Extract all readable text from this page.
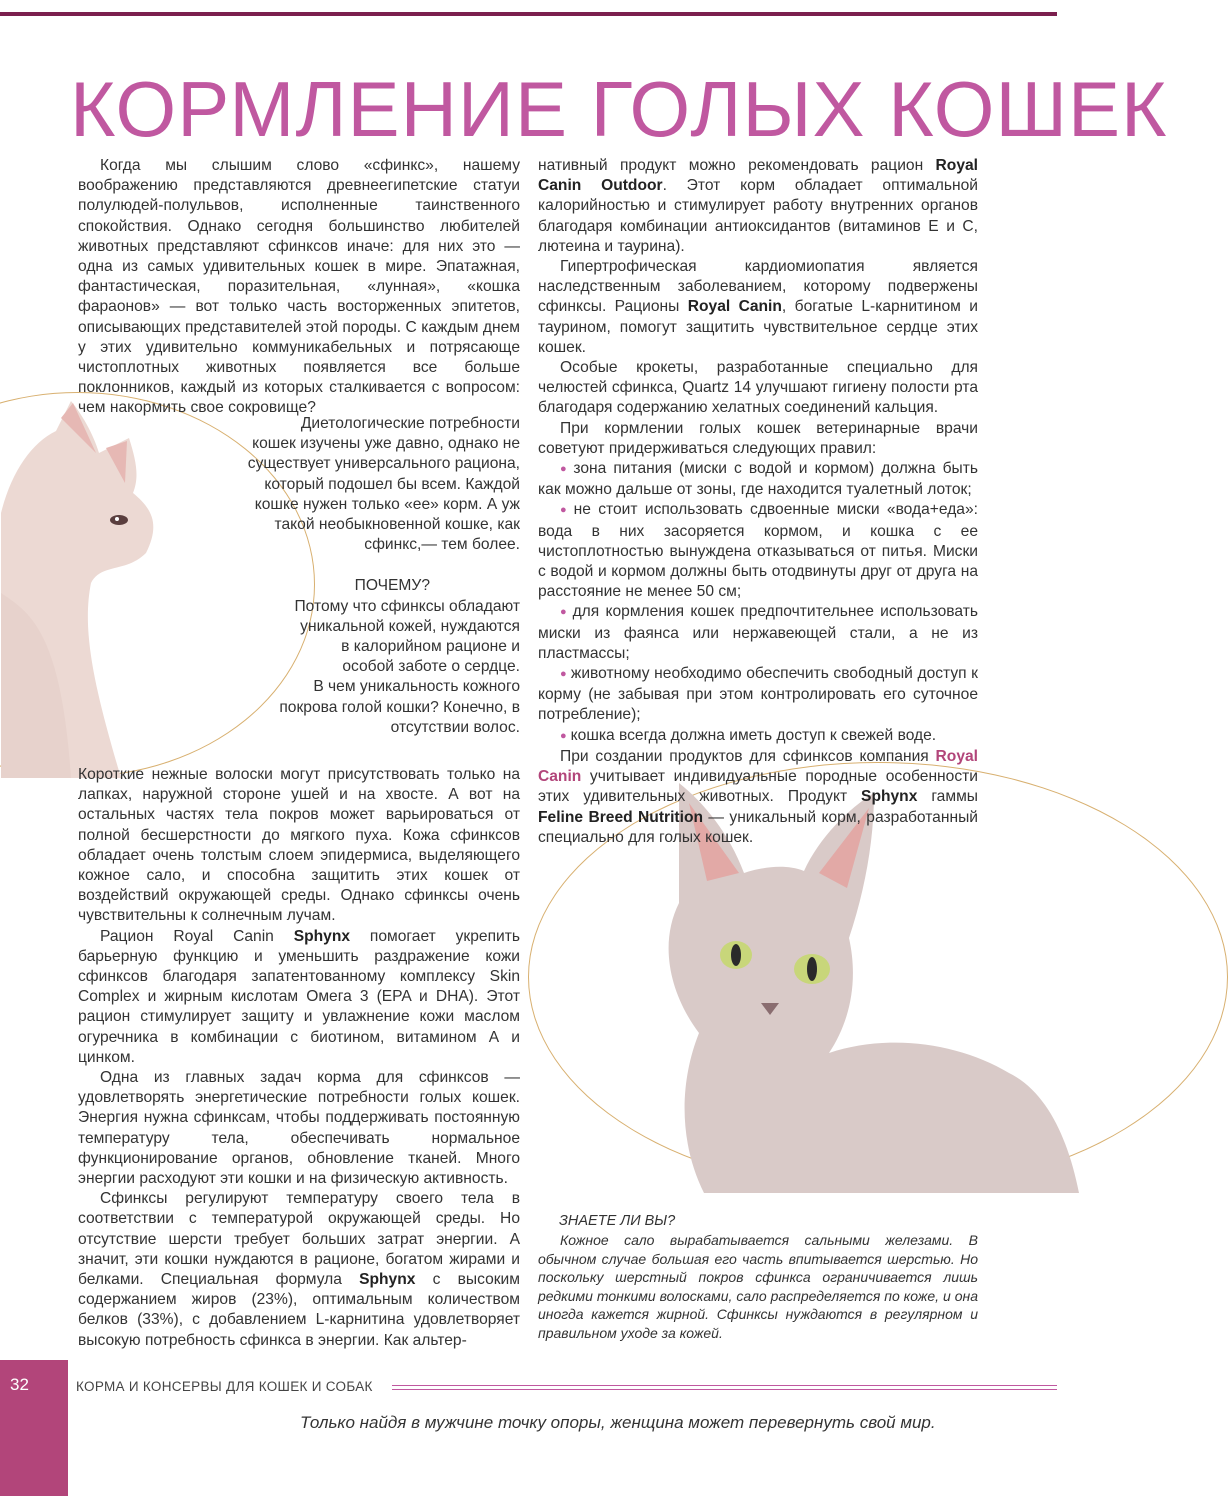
КОРМЛЕНИЕ ГОЛЫХ КОШЕК

Когда мы слышим слово «сфинкс», нашему воображению представляются древнеегипетские статуи полулюдей-полульвов, исполненные таинственного спокойствия. Однако сегодня большинство любителей животных представляют сфинксов иначе: для них это — одна из самых удивительных кошек в мире. Эпатажная, фантастическая, поразительная, «лунная», «кошка фараонов» — вот только часть восторженных эпитетов, описывающих представителей этой породы. С каждым днем у этих удивительно коммуникабельных и потрясающе чистоплотных животных появляется все больше поклонников, каждый из которых сталкивается с вопросом: чем накормить свое сокровище?

Диетологические потребности кошек изучены уже давно, однако не существует универсального рациона, который подошел бы всем. Каждой кошке нужен только «ее» корм. А уж такой необыкновенной кошке, как сфинкс,— тем более.

ПОЧЕМУ?

Потому что сфинксы обладают уникальной кожей, нуждаются в калорийном рационе и особой заботе о сердце.

В чем уникальность кожного покрова голой кошки? Конечно, в отсутствии волос.

Короткие нежные волоски могут присутствовать только на лапках, наружной стороне ушей и на хвосте. А вот на остальных частях тела покров может варьироваться от полной бесшерстности до мягкого пуха. Кожа сфинксов обладает очень толстым слоем эпидермиса, выделяющего кожное сало, и способна защитить этих кошек от воздействий окружающей среды. Однако сфинксы очень чувствительны к солнечным лучам.

Рацион Royal Canin Sphynx помогает укрепить барьерную функцию и уменьшить раздражение кожи сфинксов благодаря запатентованному комплексу Skin Complex и жирным кислотам Омега 3 (EPA и DHA). Этот рацион стимулирует защиту и увлажнение кожи маслом огуречника в комбинации с биотином, витамином А и цинком.

Одна из главных задач корма для сфинксов — удовлетворять энергетические потребности голых кошек. Энергия нужна сфинксам, чтобы поддерживать постоянную температуру тела, обеспечивать нормальное функционирование органов, обновление тканей. Много энергии расходуют эти кошки и на физическую активность.

Сфинксы регулируют температуру своего тела в соответствии с температурой окружающей среды. Но отсутствие шерсти требует больших затрат энергии. А значит, эти кошки нуждаются в рационе, богатом жирами и белками. Специальная формула Sphynx с высоким содержанием жиров (23%), оптимальным количеством белков (33%), с добавлением L-карнитина удовлетворяет высокую потребность сфинкса в энергии. Как альтер-

нативный продукт можно рекомендовать рацион Royal Canin Outdoor. Этот корм обладает оптимальной калорийностью и стимулирует работу внутренних органов благодаря комбинации антиоксидантов (витаминов Е и С, лютеина и таурина).

Гипертрофическая кардиомиопатия является наследственным заболеванием, которому подвержены сфинксы. Рационы Royal Canin, богатые L-карнитином и таурином, помогут защитить чувствительное сердце этих кошек.

Особые крокеты, разработанные специально для челюстей сфинкса, Quartz 14 улучшают гигиену полости рта благодаря содержанию хелатных соединений кальция.

При кормлении голых кошек ветеринарные врачи советуют придерживаться следующих правил:

● зона питания (миски с водой и кормом) должна быть как можно дальше от зоны, где находится туалетный лоток;

● не стоит использовать сдвоенные миски «вода+еда»: вода в них засоряется кормом, и кошка с ее чистоплотностью вынуждена отказываться от питья. Миски с водой и кормом должны быть отодвинуты друг от друга на расстояние не менее 50 см;

● для кормления кошек предпочтительнее использовать миски из фаянса или нержавеющей стали, а не из пластмассы;

● животному необходимо обеспечить свободный доступ к корму (не забывая при этом контролировать его суточное потребление);

● кошка всегда должна иметь доступ к свежей воде.

При создании продуктов для сфинксов компания Royal Canin учитывает индивидуальные породные особенности этих удивительных животных. Продукт Sphynx гаммы Feline Breed Nutrition — уникальный корм, разработанный специально для голых кошек.

ЗНАЕТЕ ЛИ ВЫ?

Кожное сало вырабатывается сальными железами. В обычном случае большая его часть впитывается шерстью. Но поскольку шерстный покров сфинкса ограничивается лишь редкими тонкими волосками, сало распределяется по коже, и она иногда кажется жирной. Сфинксы нуждаются в регулярном и правильном уходе за кожей.

32	КОРМА И КОНСЕРВЫ ДЛЯ КОШЕК И СОБАК
Только найдя в мужчине точку опоры, женщина может перевернуть свой мир.
